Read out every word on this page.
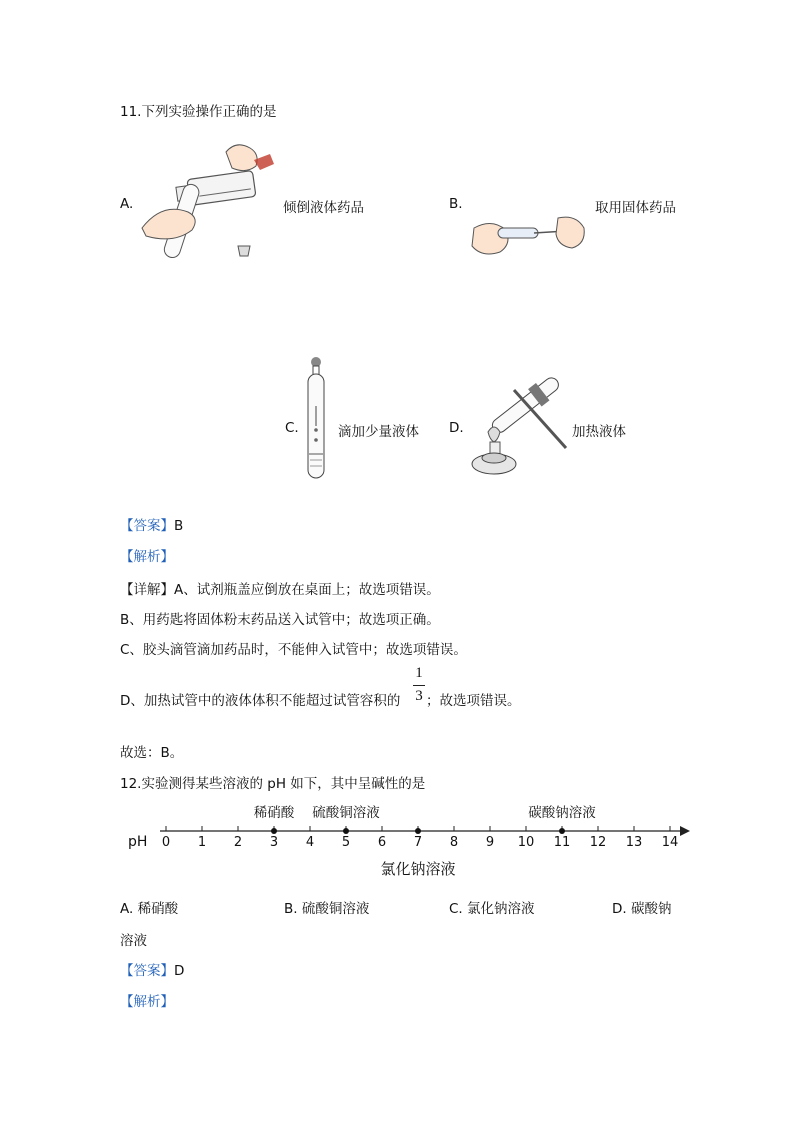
11.下列实验操作正确的是
A.	倾倒液体药品	B.	取用固体药品
C.	滴加少量液体 D.	加热液体
【答案】B
【解析】
【详解】A、试剂瓶盖应倒放在桌面上；故选项错误。
B、用药匙将固体粉末药品送入试管中；故选项正确。
C、胶头滴管滴加药品时，不能伸入试管中；故选项错误。
D、加热试管中的液体体积不能超过试管容积的
1
3 ；故选项错误。
故选：B。
12.实验测得某些溶液的 pH 如下，其中呈碱性的是
pH 0 1 2 3 4 5 6 7 8 9 10 11 12 13 14
稀硝酸 硫酸铜溶液
氯化钠溶液
碳酸钠溶液
A. 稀硝酸	B. 硫酸铜溶液	C. 氯化钠溶液	D. 碳酸钠
溶液
【答案】D
【解析】
